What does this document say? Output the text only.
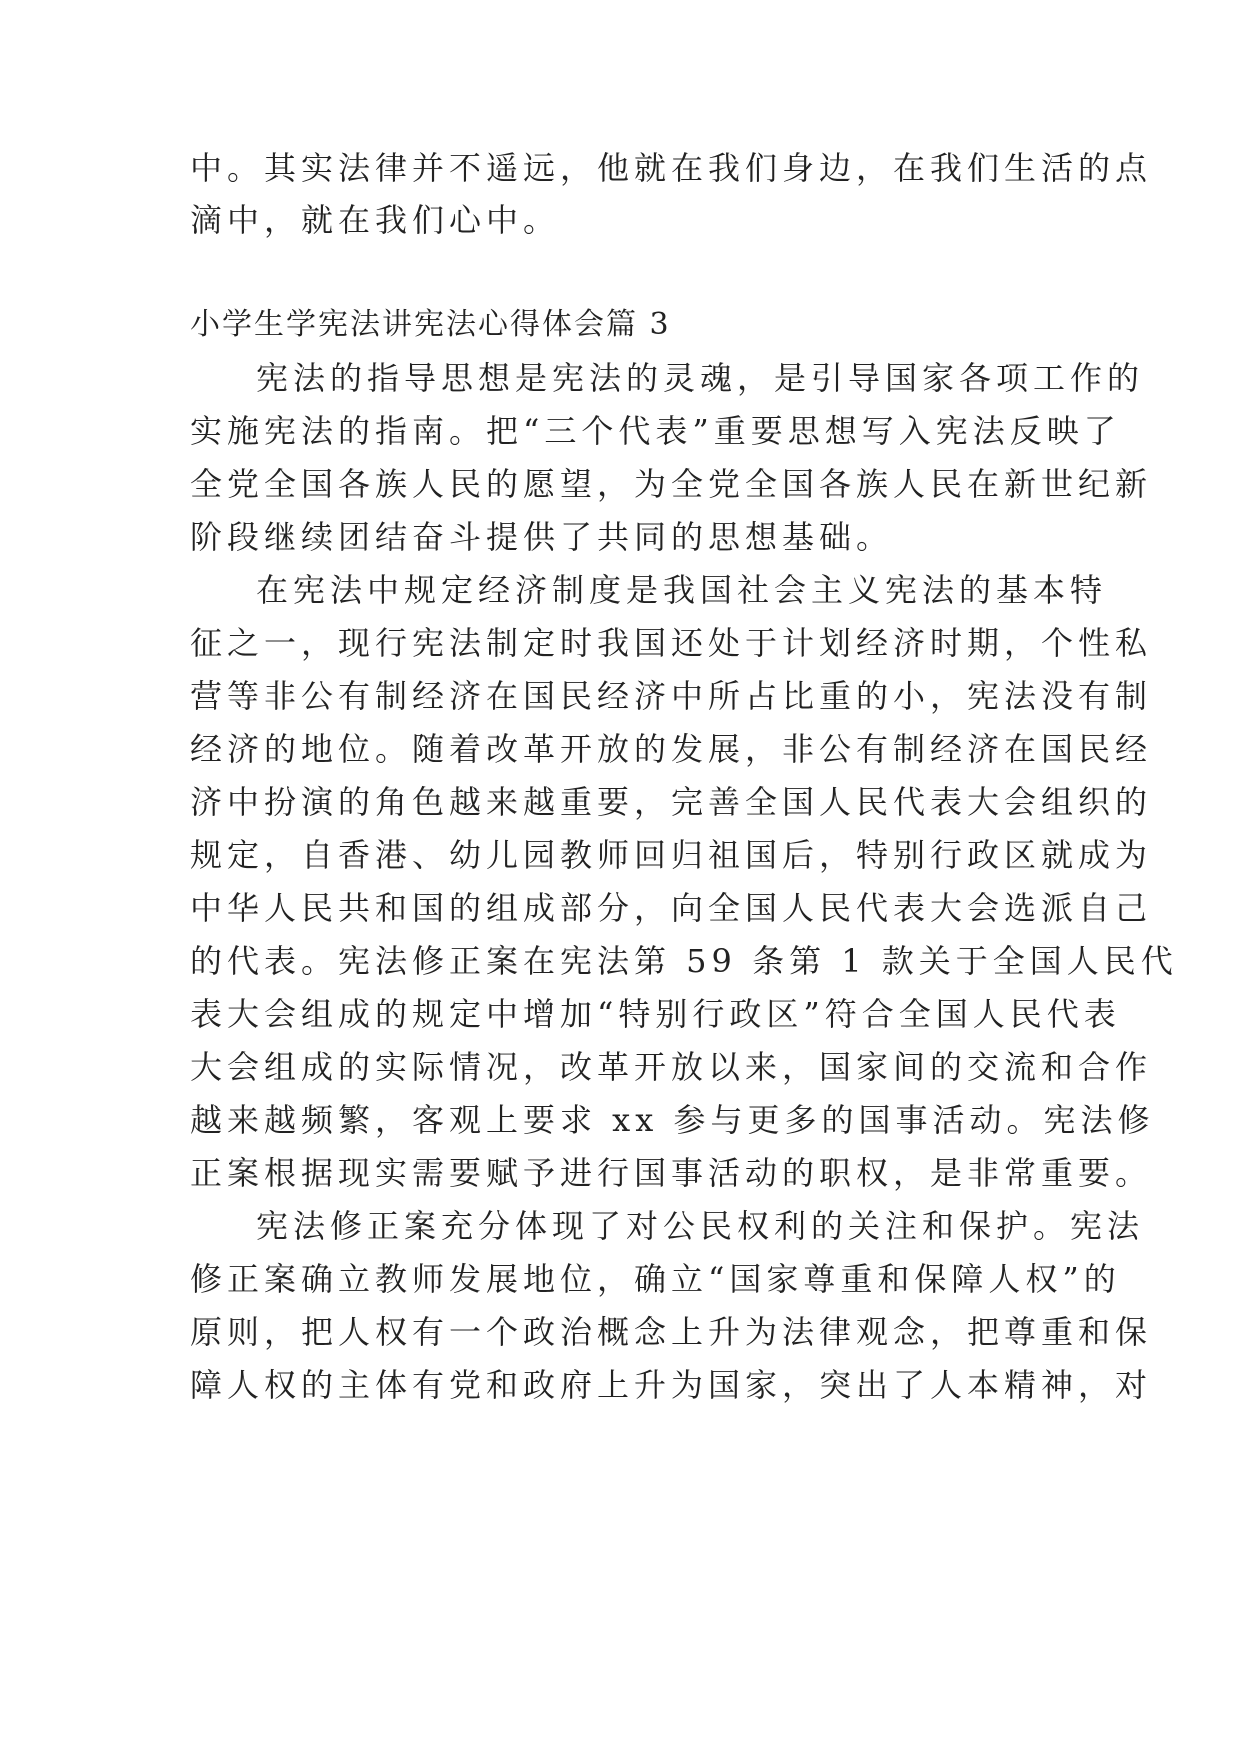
中。其实法律并不遥远，他就在我们身边，在我们生活的点
滴中，就在我们心中。
小学生学宪法讲宪法心得体会篇 3
宪法的指导思想是宪法的灵魂，是引导国家各项工作的
实施宪法的指南。把“三个代表”重要思想写入宪法反映了
全党全国各族人民的愿望，为全党全国各族人民在新世纪新
阶段继续团结奋斗提供了共同的思想基础。
在宪法中规定经济制度是我国社会主义宪法的基本特
征之一，现行宪法制定时我国还处于计划经济时期，个性私
营等非公有制经济在国民经济中所占比重的小，宪法没有制
经济的地位。随着改革开放的发展，非公有制经济在国民经
济中扮演的角色越来越重要，完善全国人民代表大会组织的
规定，自香港、幼儿园教师回归祖国后，特别行政区就成为
中华人民共和国的组成部分，向全国人民代表大会选派自己
的代表。宪法修正案在宪法第 59 条第 1 款关于全国人民代
表大会组成的规定中增加“特别行政区”符合全国人民代表
大会组成的实际情况，改革开放以来，国家间的交流和合作
越来越频繁，客观上要求 xx 参与更多的国事活动。宪法修
正案根据现实需要赋予进行国事活动的职权，是非常重要。
宪法修正案充分体现了对公民权利的关注和保护。宪法
修正案确立教师发展地位，确立“国家尊重和保障人权”的
原则，把人权有一个政治概念上升为法律观念，把尊重和保
障人权的主体有党和政府上升为国家，突出了人本精神，对
